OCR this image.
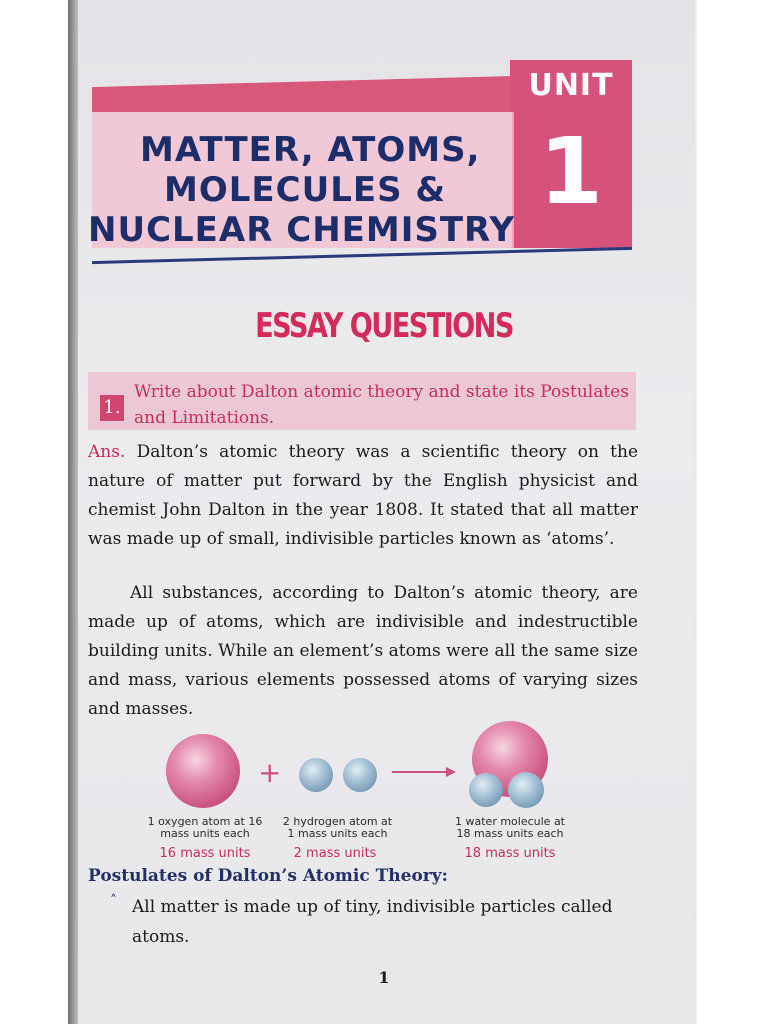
UNIT
1
MATTER, ATOMS,
MOLECULES &
NUCLEAR CHEMISTRY
ESSAY QUESTIONS
1.
Write about Dalton atomic theory and state its Postulates and Limitations.
Ans. Dalton’s atomic theory was a scientific theory on the nature of matter put forward by the English physicist and chemist John Dalton in the year 1808. It stated that all matter was made up of small, indivisible particles known as ‘atoms’.
All substances, according to Dalton’s atomic theory, are made up of atoms, which are indivisible and indestructible building units. While an element’s atoms were all the same size and mass, various elements possessed atoms of varying sizes and masses.
+
1 oxygen atom at 16
mass units each
16 mass units
2 hydrogen atom at
1 mass units each
2 mass units
1 water molecule at
18 mass units each
18 mass units
Postulates of Dalton’s Atomic Theory:
˄ All matter is made up of tiny, indivisible particles called atoms.
1
